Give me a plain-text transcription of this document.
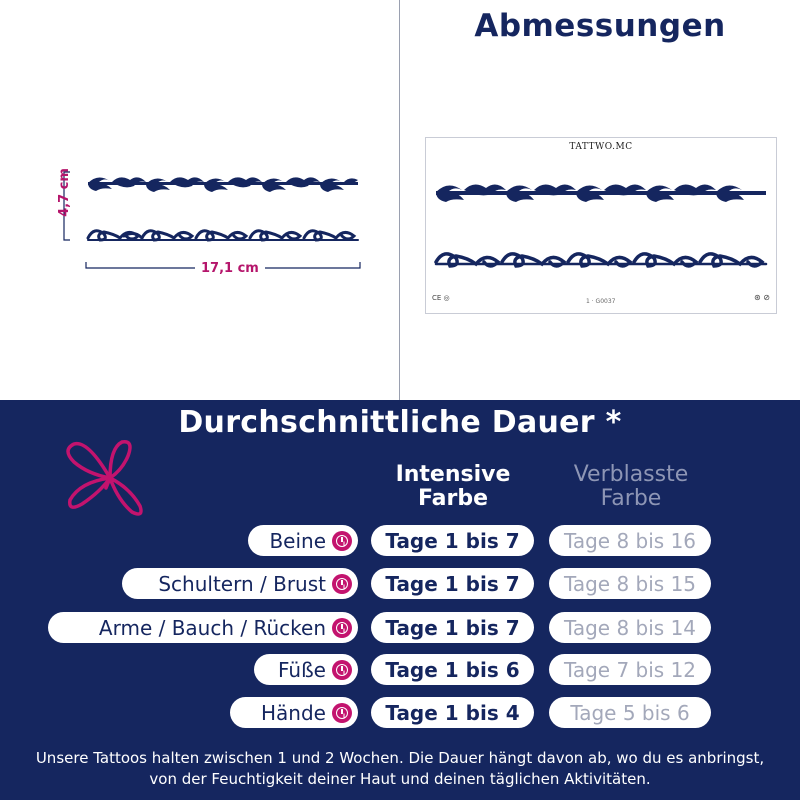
Abmessungen
4,7 cm
17,1 cm
TATTWO.MC
CE ◎	1 · G0037	⊛ ⊘
Durchschnittliche Dauer *
Intensive Farbe
Verblasste Farbe
Beine	Tage 1 bis 7	Tage 8 bis 16
Schultern / Brust	Tage 1 bis 7	Tage 8 bis 15
Arme / Bauch / Rücken	Tage 1 bis 7	Tage 8 bis 14
Füße	Tage 1 bis 6	Tage 7 bis 12
Hände	Tage 1 bis 4	Tage 5 bis 6
Unsere Tattoos halten zwischen 1 und 2 Wochen. Die Dauer hängt davon ab, wo du es anbringst, von der Feuchtigkeit deiner Haut und deinen täglichen Aktivitäten.
